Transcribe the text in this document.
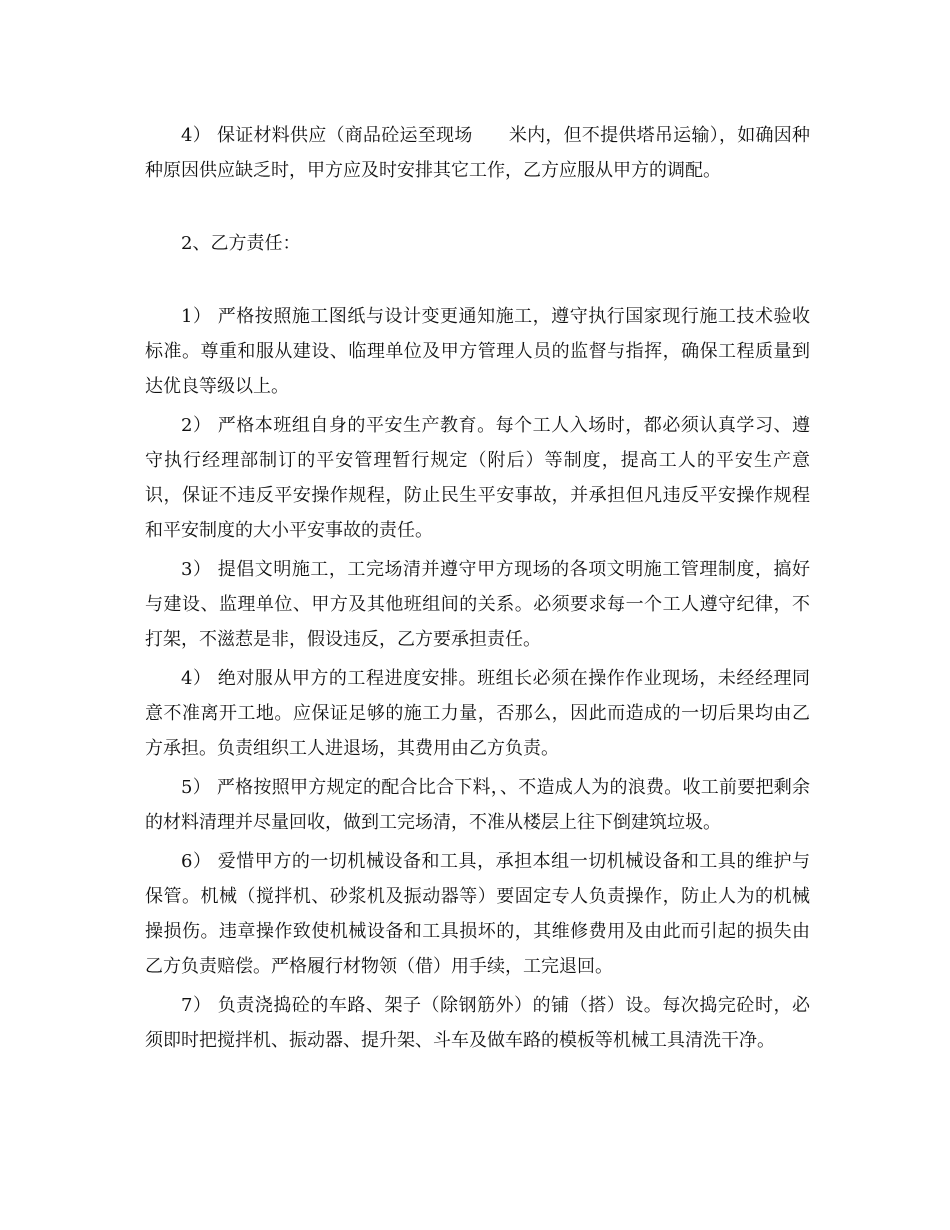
4） 保证材料供应（商品砼运至现场 米内，但不提供塔吊运输），如确因种种原因供应缺乏时，甲方应及时安排其它工作，乙方应服从甲方的调配。

2、乙方责任：

1） 严格按照施工图纸与设计变更通知施工，遵守执行国家现行施工技术验收标准。尊重和服从建设、临理单位及甲方管理人员的监督与指挥，确保工程质量到达优良等级以上。

2） 严格本班组自身的平安生产教育。每个工人入场时，都必须认真学习、遵守执行经理部制订的平安管理暂行规定（附后）等制度，提高工人的平安生产意识，保证不违反平安操作规程，防止民生平安事故，并承担但凡违反平安操作规程和平安制度的大小平安事故的责任。

3） 提倡文明施工，工完场清并遵守甲方现场的各项文明施工管理制度，搞好与建设、监理单位、甲方及其他班组间的关系。必须要求每一个工人遵守纪律，不打架，不滋惹是非，假设违反，乙方要承担责任。

4） 绝对服从甲方的工程进度安排。班组长必须在操作作业现场，未经经理同意不准离开工地。应保证足够的施工力量，否那么，因此而造成的一切后果均由乙方承担。负责组织工人进退场，其费用由乙方负责。

5） 严格按照甲方规定的配合比合下料，、不造成人为的浪费。收工前要把剩余的材料清理并尽量回收，做到工完场清，不准从楼层上往下倒建筑垃圾。

6） 爱惜甲方的一切机械设备和工具，承担本组一切机械设备和工具的维护与保管。机械（搅拌机、砂浆机及振动器等）要固定专人负责操作，防止人为的机械操损伤。违章操作致使机械设备和工具损坏的，其维修费用及由此而引起的损失由乙方负责赔偿。严格履行材物领（借）用手续，工完退回。

7） 负责浇捣砼的车路、架子（除钢筋外）的铺（搭）设。每次捣完砼时，必须即时把搅拌机、振动器、提升架、斗车及做车路的模板等机械工具清洗干净。
